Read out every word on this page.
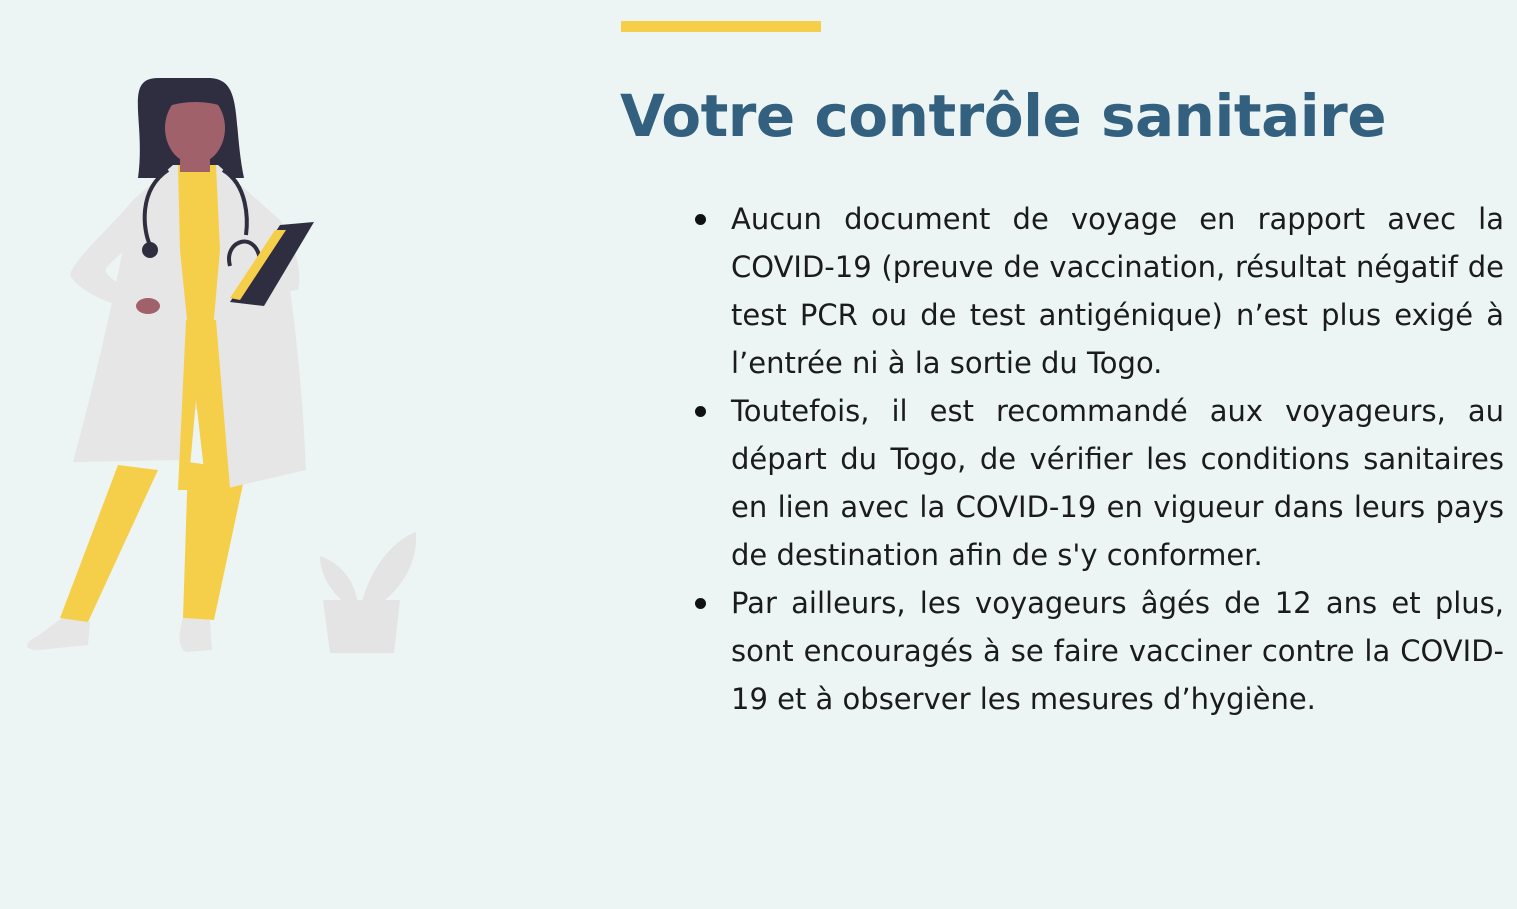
Votre contrôle sanitaire
Aucun document de voyage en rapport avec la COVID-19 (preuve de vaccination, résultat négatif de test PCR ou de test antigénique) n’est plus exigé à l’entrée ni à la sortie du Togo.
Toutefois, il est recommandé aux voyageurs, au départ du Togo, de vérifier les conditions sanitaires en lien avec la COVID-19 en vigueur dans leurs pays de destination afin de s'y conformer.
Par ailleurs, les voyageurs âgés de 12 ans et plus, sont encouragés à se faire vacciner contre la COVID-19 et à observer les mesures d’hygiène.
